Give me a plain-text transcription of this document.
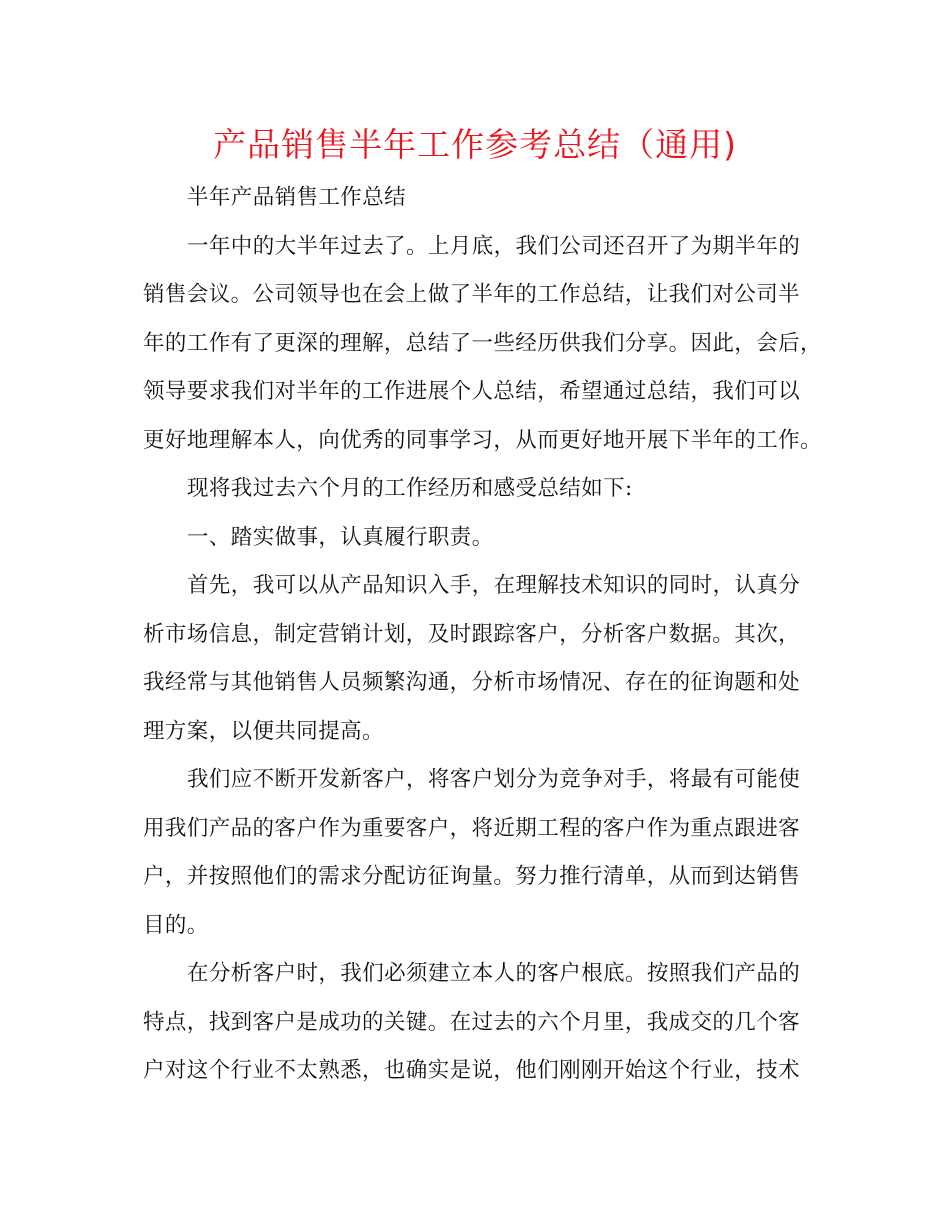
产品销售半年工作参考总结（通用)

半年产品销售工作总结

一年中的大半年过去了。上月底，我们公司还召开了为期半年的
销售会议。公司领导也在会上做了半年的工作总结，让我们对公司半
年的工作有了更深的理解，总结了一些经历供我们分享。因此，会后，
领导要求我们对半年的工作进展个人总结，希望通过总结，我们可以
更好地理解本人，向优秀的同事学习，从而更好地开展下半年的工作。

现将我过去六个月的工作经历和感受总结如下:

一、踏实做事，认真履行职责。

首先，我可以从产品知识入手，在理解技术知识的同时，认真分
析市场信息，制定营销计划，及时跟踪客户，分析客户数据。其次，
我经常与其他销售人员频繁沟通，分析市场情况、存在的征询题和处
理方案，以便共同提高。

我们应不断开发新客户，将客户划分为竞争对手，将最有可能使
用我们产品的客户作为重要客户，将近期工程的客户作为重点跟进客
户，并按照他们的需求分配访征询量。努力推行清单，从而到达销售
目的。

在分析客户时，我们必须建立本人的客户根底。按照我们产品的
特点，找到客户是成功的关键。在过去的六个月里，我成交的几个客
户对这个行业不太熟悉，也确实是说，他们刚刚开始这个行业，技术
